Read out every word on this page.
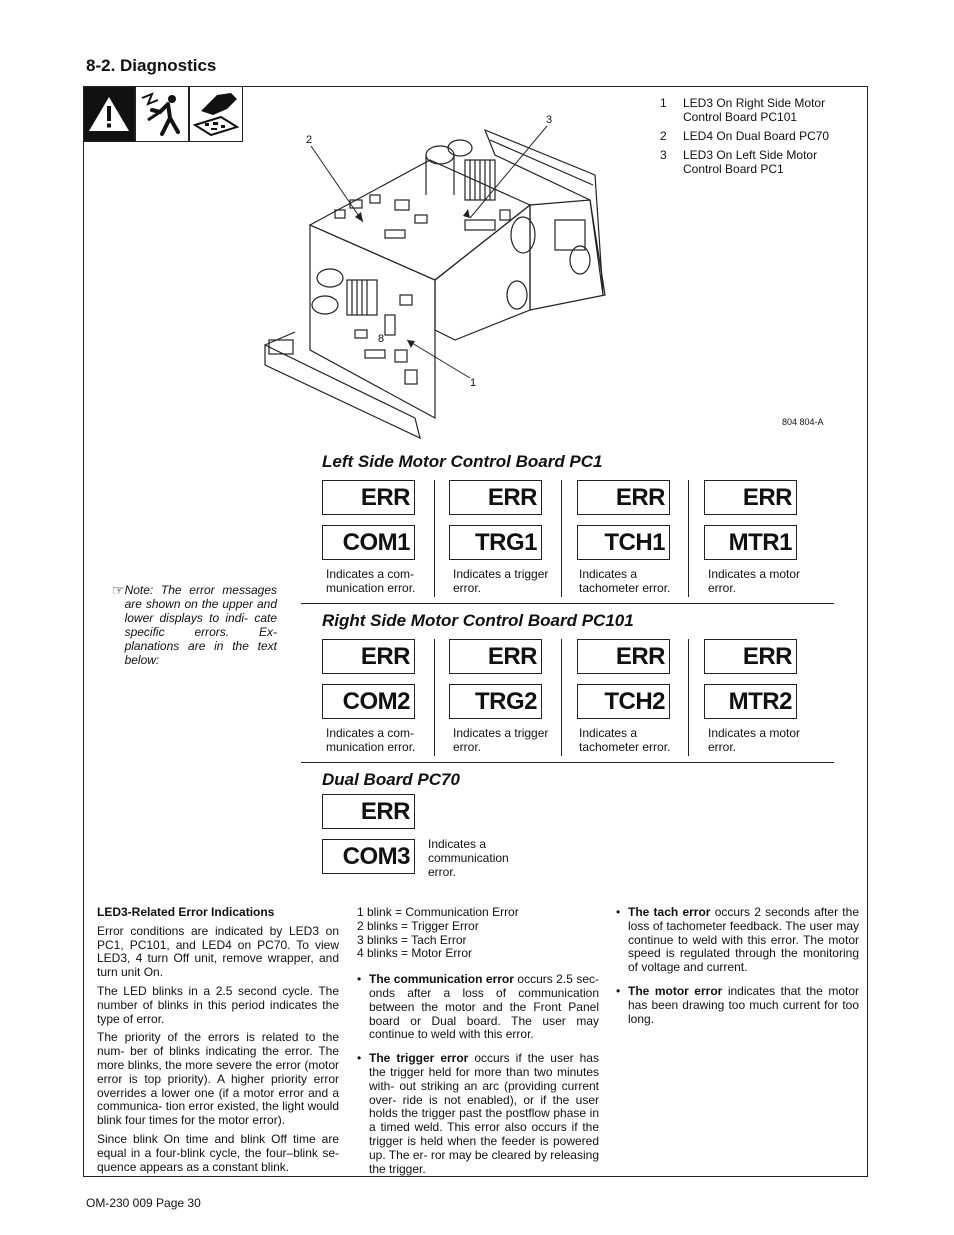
8-2. Diagnostics
2
3
1
8
1	LED3 On Right Side Motor Control Board PC101
2	LED4 On Dual Board PC70
3	LED3 On Left Side Motor Control Board PC1
804 804-A
Left Side Motor Control Board PC1
ERR
COM1
Indicates a com-
munication error.
ERR
TRG1
Indicates a trigger
error.
ERR
TCH1
Indicates a
tachometer error.
ERR
MTR1
Indicates a motor
error.
☞ Note: The error messages are shown on the upper and lower displays to indi- cate specific errors. Ex- planations are in the text below:
Right Side Motor Control Board PC101
ERR
COM2
Indicates a com-
munication error.
ERR
TRG2
Indicates a trigger
error.
ERR
TCH2
Indicates a
tachometer error.
ERR
MTR2
Indicates a motor
error.
Dual Board PC70
ERR
COM3	Indicates a
communication
error.

LED3-Related Error Indications

Error conditions are indicated by LED3 on PC1, PC101, and LED4 on PC70. To view LED3, 4 turn Off unit, remove wrapper, and turn unit On.

The LED blinks in a 2.5 second cycle. The number of blinks in this period indicates the type of error.

The priority of the errors is related to the num- ber of blinks indicating the error. The more blinks, the more severe the error (motor error is top priority). A higher priority error overrides a lower one (if a motor error and a communica- tion error existed, the light would blink four times for the motor error).

Since blink On time and blink Off time are equal in a four-blink cycle, the four–blink se- quence appears as a constant blink.

1 blink = Communication Error
2 blinks = Trigger Error
3 blinks = Tach Error
4 blinks = Motor Error
• The communication error occurs 2.5 sec- onds after a loss of communication between the motor and the Front Panel board or Dual board. The user may continue to weld with this error.
• The trigger error occurs if the user has the trigger held for more than two minutes with- out striking an arc (providing current over- ride is not enabled), or if the user holds the trigger past the postflow phase in a timed weld. This error also occurs if the trigger is held when the feeder is powered up. The er- ror may be cleared by releasing the trigger.
• The tach error occurs 2 seconds after the loss of tachometer feedback. The user may continue to weld with this error. The motor speed is regulated through the monitoring of voltage and current.
• The motor error indicates that the motor has been drawing too much current for too long.
OM-230 009 Page 30
